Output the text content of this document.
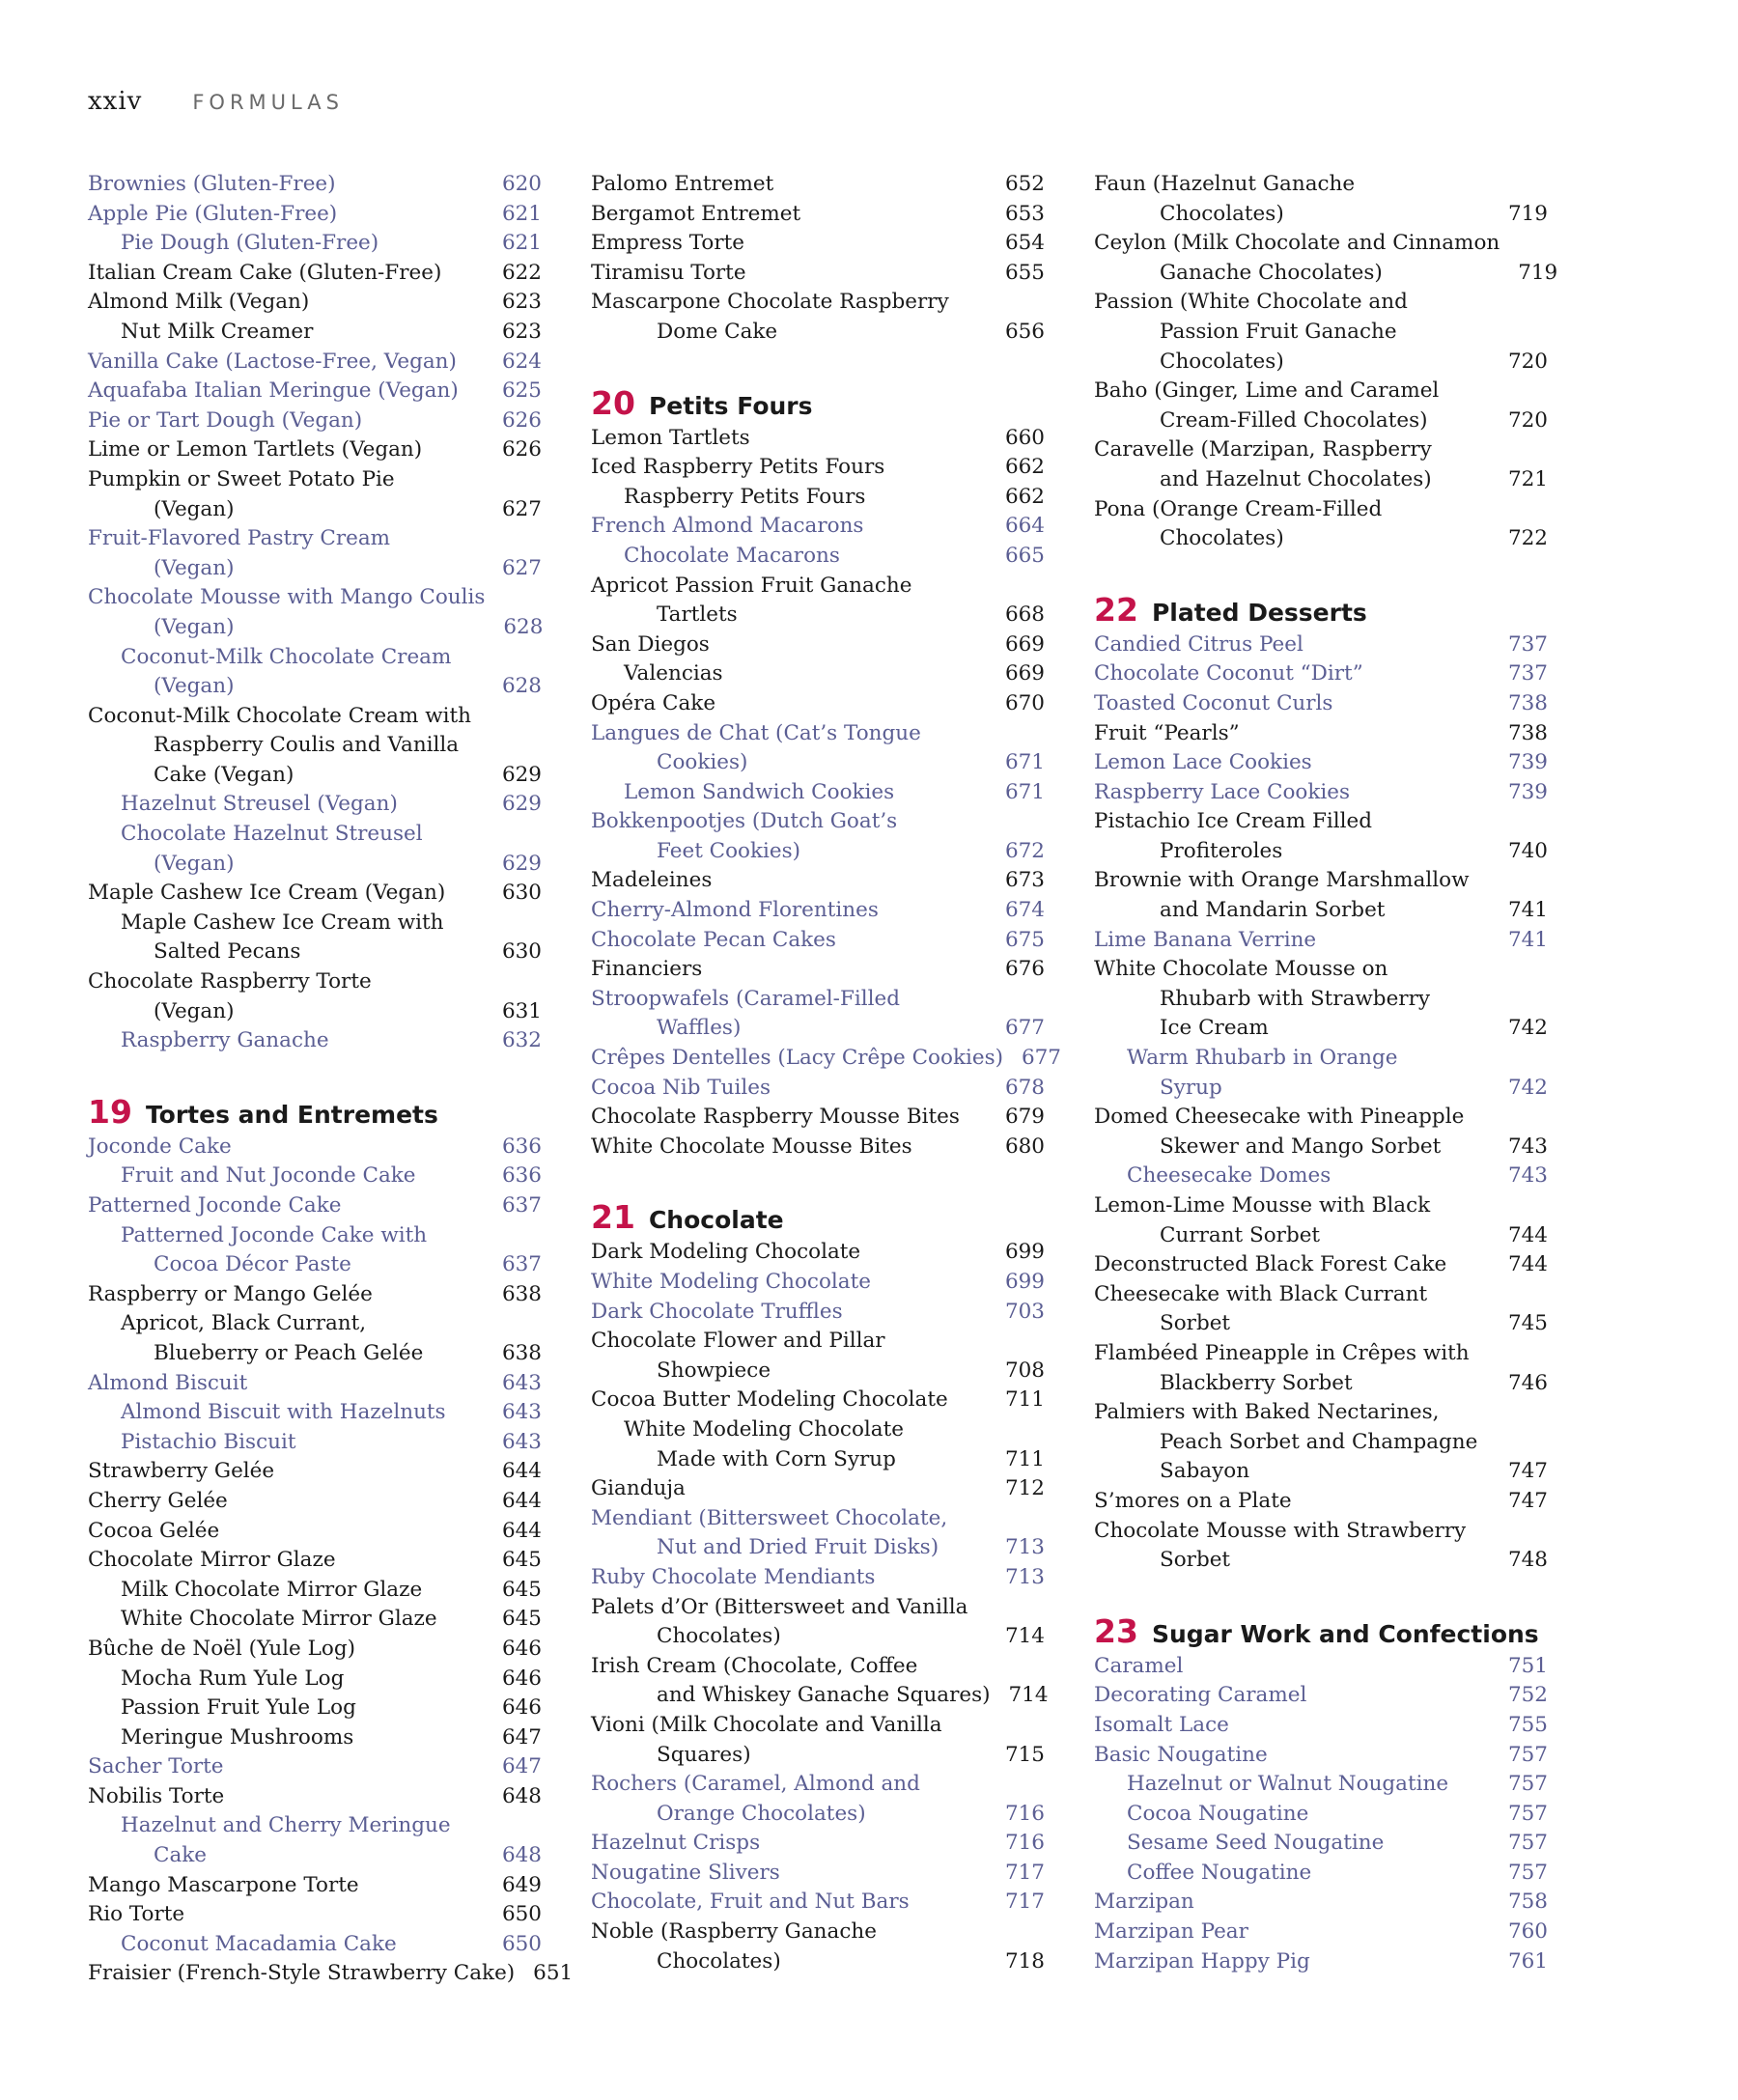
xxiv FORMULAS
Brownies (Gluten-Free)	620
Apple Pie (Gluten-Free)	621
Pie Dough (Gluten-Free)	621
Italian Cream Cake (Gluten-Free)	622
Almond Milk (Vegan)	623
Nut Milk Creamer	623
Vanilla Cake (Lactose-Free, Vegan)	624
Aquafaba Italian Meringue (Vegan)	625
Pie or Tart Dough (Vegan)	626
Lime or Lemon Tartlets (Vegan)	626
Pumpkin or Sweet Potato Pie
(Vegan)	627
Fruit-Flavored Pastry Cream
(Vegan)	627
Chocolate Mousse with Mango Coulis
(Vegan)	628
Coconut-Milk Chocolate Cream
(Vegan)	628
Coconut-Milk Chocolate Cream with
Raspberry Coulis and Vanilla
Cake (Vegan)	629
Hazelnut Streusel (Vegan)	629
Chocolate Hazelnut Streusel
(Vegan)	629
Maple Cashew Ice Cream (Vegan)	630
Maple Cashew Ice Cream with
Salted Pecans	630
Chocolate Raspberry Torte
(Vegan)	631
Raspberry Ganache	632
19 Tortes and Entremets
Joconde Cake	636
Fruit and Nut Joconde Cake	636
Patterned Joconde Cake	637
Patterned Joconde Cake with
Cocoa Décor Paste	637
Raspberry or Mango Gelée	638
Apricot, Black Currant,
Blueberry or Peach Gelée	638
Almond Biscuit	643
Almond Biscuit with Hazelnuts	643
Pistachio Biscuit	643
Strawberry Gelée	644
Cherry Gelée	644
Cocoa Gelée	644
Chocolate Mirror Glaze	645
Milk Chocolate Mirror Glaze	645
White Chocolate Mirror Glaze	645
Bûche de Noël (Yule Log)	646
Mocha Rum Yule Log	646
Passion Fruit Yule Log	646
Meringue Mushrooms	647
Sacher Torte	647
Nobilis Torte	648
Hazelnut and Cherry Meringue
Cake	648
Mango Mascarpone Torte	649
Rio Torte	650
Coconut Macadamia Cake	650
Fraisier (French-Style Strawberry Cake) 651
Palomo Entremet	652
Bergamot Entremet	653
Empress Torte	654
Tiramisu Torte	655
Mascarpone Chocolate Raspberry
Dome Cake	656
20 Petits Fours
Lemon Tartlets	660
Iced Raspberry Petits Fours	662
Raspberry Petits Fours	662
French Almond Macarons	664
Chocolate Macarons	665
Apricot Passion Fruit Ganache
Tartlets	668
San Diegos	669
Valencias	669
Opéra Cake	670
Langues de Chat (Cat’s Tongue
Cookies)	671
Lemon Sandwich Cookies	671
Bokkenpootjes (Dutch Goat’s
Feet Cookies)	672
Madeleines	673
Cherry-Almond Florentines	674
Chocolate Pecan Cakes	675
Financiers	676
Stroopwafels (Caramel-Filled
Waffles)	677
Crêpes Dentelles (Lacy Crêpe Cookies) 677
Cocoa Nib Tuiles	678
Chocolate Raspberry Mousse Bites	679
White Chocolate Mousse Bites	680
21 Chocolate
Dark Modeling Chocolate	699
White Modeling Chocolate	699
Dark Chocolate Truffles	703
Chocolate Flower and Pillar
Showpiece	708
Cocoa Butter Modeling Chocolate	711
White Modeling Chocolate
Made with Corn Syrup	711
Gianduja	712
Mendiant (Bittersweet Chocolate,
Nut and Dried Fruit Disks)	713
Ruby Chocolate Mendiants	713
Palets d’Or (Bittersweet and Vanilla
Chocolates)	714
Irish Cream (Chocolate, Coffee
and Whiskey Ganache Squares) 714
Vioni (Milk Chocolate and Vanilla
Squares)	715
Rochers (Caramel, Almond and
Orange Chocolates)	716
Hazelnut Crisps	716
Nougatine Slivers	717
Chocolate, Fruit and Nut Bars	717
Noble (Raspberry Ganache
Chocolates)	718
Faun (Hazelnut Ganache
Chocolates)	719
Ceylon (Milk Chocolate and Cinnamon
Ganache Chocolates)	719
Passion (White Chocolate and
Passion Fruit Ganache
Chocolates)	720
Baho (Ginger, Lime and Caramel
Cream-Filled Chocolates)	720
Caravelle (Marzipan, Raspberry
and Hazelnut Chocolates)	721
Pona (Orange Cream-Filled
Chocolates)	722
22 Plated Desserts
Candied Citrus Peel	737
Chocolate Coconut “Dirt”	737
Toasted Coconut Curls	738
Fruit “Pearls”	738
Lemon Lace Cookies	739
Raspberry Lace Cookies	739
Pistachio Ice Cream Filled
Profiteroles	740
Brownie with Orange Marshmallow
and Mandarin Sorbet	741
Lime Banana Verrine	741
White Chocolate Mousse on
Rhubarb with Strawberry
Ice Cream	742
Warm Rhubarb in Orange
Syrup	742
Domed Cheesecake with Pineapple
Skewer and Mango Sorbet	743
Cheesecake Domes	743
Lemon-Lime Mousse with Black
Currant Sorbet	744
Deconstructed Black Forest Cake	744
Cheesecake with Black Currant
Sorbet	745
Flambéed Pineapple in Crêpes with
Blackberry Sorbet	746
Palmiers with Baked Nectarines,
Peach Sorbet and Champagne
Sabayon	747
S’mores on a Plate	747
Chocolate Mousse with Strawberry
Sorbet	748
23 Sugar Work and Confections
Caramel	751
Decorating Caramel	752
Isomalt Lace	755
Basic Nougatine	757
Hazelnut or Walnut Nougatine	757
Cocoa Nougatine	757
Sesame Seed Nougatine	757
Coffee Nougatine	757
Marzipan	758
Marzipan Pear	760
Marzipan Happy Pig	761
